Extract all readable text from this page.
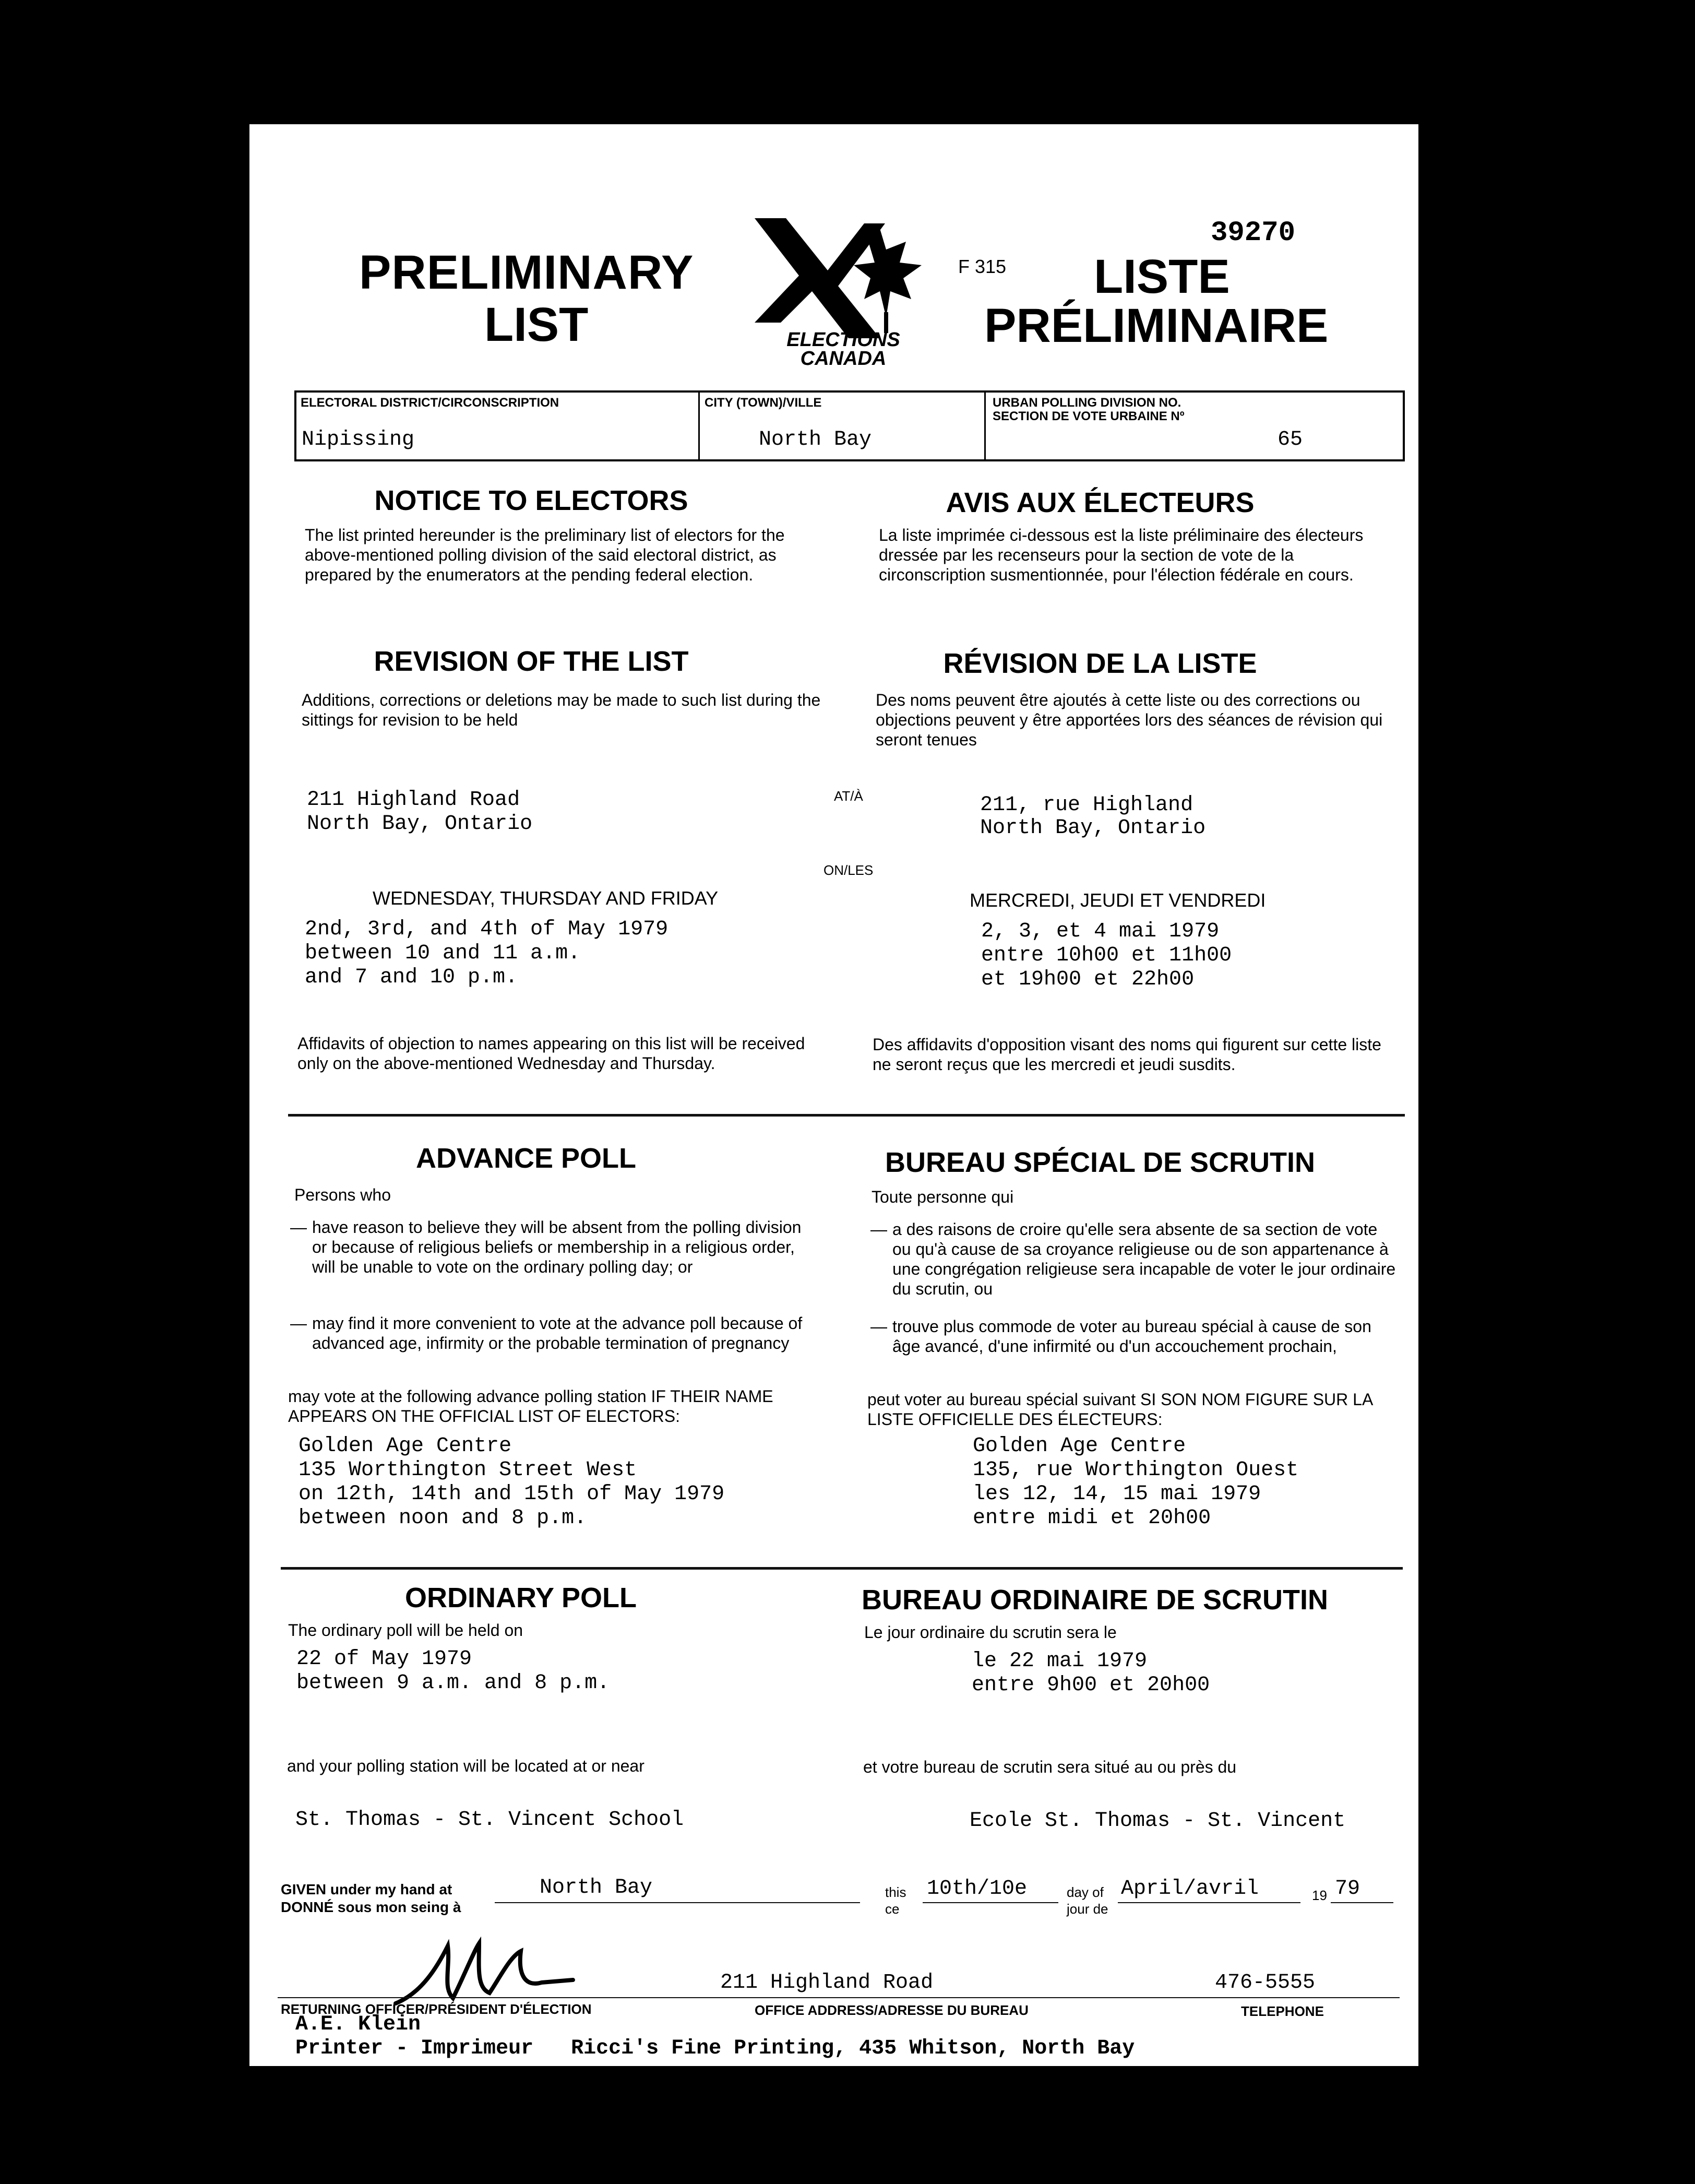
PRELIMINARY
LIST	ELECTIONS
CANADA
F 315
39270
LISTE
PRÉLIMINAIRE
ELECTORAL DISTRICT/CIRCONSCRIPTION
Nipissing
CITY (TOWN)/VILLE
North Bay
URBAN POLLING DIVISION NO.
SECTION DE VOTE URBAINE Nº
65
NOTICE TO ELECTORS
The list printed hereunder is the preliminary list of electors for the above-mentioned polling division of the said electoral district, as prepared by the enumerators at the pending federal election.
AVIS AUX ÉLECTEURS
La liste imprimée ci-dessous est la liste préliminaire des électeurs dressée par les recenseurs pour la section de vote de la circonscription susmentionnée, pour l'élection fédérale en cours.
REVISION OF THE LIST
Additions, corrections or deletions may be made to such list during the sittings for revision to be held
RÉVISION DE LA LISTE
Des noms peuvent être ajoutés à cette liste ou des corrections ou objections peuvent y être apportées lors des séances de révision qui seront tenues
211 Highland Road
North Bay, Ontario
AT/À	211, rue Highland
North Bay, Ontario
ON/LES
WEDNESDAY, THURSDAY AND FRIDAY	MERCREDI, JEUDI ET VENDREDI
2nd, 3rd, and 4th of May 1979
between 10 and 11 a.m.
and 7 and 10 p.m.
2, 3, et 4 mai 1979
entre 10h00 et 11h00
et 19h00 et 22h00
Affidavits of objection to names appearing on this list will be received only on the above-mentioned Wednesday and Thursday.
Des affidavits d'opposition visant des noms qui figurent sur cette liste ne seront reçus que les mercredi et jeudi susdits.
ADVANCE POLL	BUREAU SPÉCIAL DE SCRUTIN
Persons who	Toute personne qui
— have reason to believe they will be absent from the polling division or because of religious beliefs or membership in a religious order, will be unable to vote on the ordinary polling day; or
— may find it more convenient to vote at the advance poll because of advanced age, infirmity or the probable termination of pregnancy
— a des raisons de croire qu'elle sera absente de sa section de vote ou qu'à cause de sa croyance religieuse ou de son appartenance à une congrégation religieuse sera incapable de voter le jour ordinaire du scrutin, ou
— trouve plus commode de voter au bureau spécial à cause de son âge avancé, d'une infirmité ou d'un accouchement prochain,
may vote at the following advance polling station IF THEIR NAME APPEARS ON THE OFFICIAL LIST OF ELECTORS:
peut voter au bureau spécial suivant SI SON NOM FIGURE SUR LA LISTE OFFICIELLE DES ÉLECTEURS:
Golden Age Centre
135 Worthington Street West
on 12th, 14th and 15th of May 1979
between noon and 8 p.m.
Golden Age Centre
135, rue Worthington Ouest
les 12, 14, 15 mai 1979
entre midi et 20h00
ORDINARY POLL	BUREAU ORDINAIRE DE SCRUTIN
The ordinary poll will be held on	Le jour ordinaire du scrutin sera le
22 of May 1979
between 9 a.m. and 8 p.m.
le 22 mai 1979
entre 9h00 et 20h00
and your polling station will be located at or near	et votre bureau de scrutin sera situé au ou près du
St. Thomas - St. Vincent School	Ecole St. Thomas - St. Vincent
GIVEN under my hand at
DONNÉ sous mon seing à
North Bay	this
ce
10th/10e	day of
jour de
April/avril	19 79
211 Highland Road	476-5555
RETURNING OFFICER/PRÉSIDENT D'ÉLECTION	OFFICE ADDRESS/ADRESSE DU BUREAU	TELEPHONE
A.E. Klein
Printer - Imprimeur   Ricci's Fine Printing, 435 Whitson, North Bay
